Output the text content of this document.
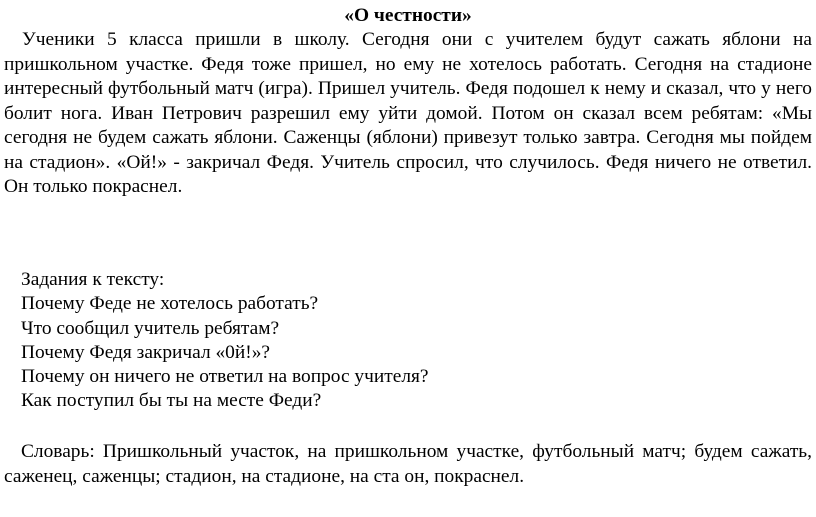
«О честности»

Ученики 5 класса пришли в школу. Сегодня они с учителем будут сажать яблони на пришкольном участке. Федя тоже пришел, но ему не хотелось работать. Сегодня на стадионе интересный футбольный матч (игра). Пришел учитель. Федя подошел к нему и сказал, что у него болит нога. Иван Петрович разрешил ему уйти домой. Потом он сказал всем ребятам: «Мы сегодня не будем сажать яблони. Саженцы (яблони) привезут только завтра. Сегодня мы пойдем на стадион». «Ой!» - закричал Федя. Учитель спросил, что случилось. Федя ничего не ответил. Он только покраснел.

Задания к тексту:
Почему Феде не хотелось работать?
Что сообщил учитель ребятам?
Почему Федя закричал «0й!»?
Почему он ничего не ответил на вопрос учителя?
Как поступил бы ты на месте Феди?

Словарь: Пришкольный участок, на пришкольном участке, футбольный матч; будем сажать, саженец, саженцы; стадион, на стадионе, на ста он, покраснел.
